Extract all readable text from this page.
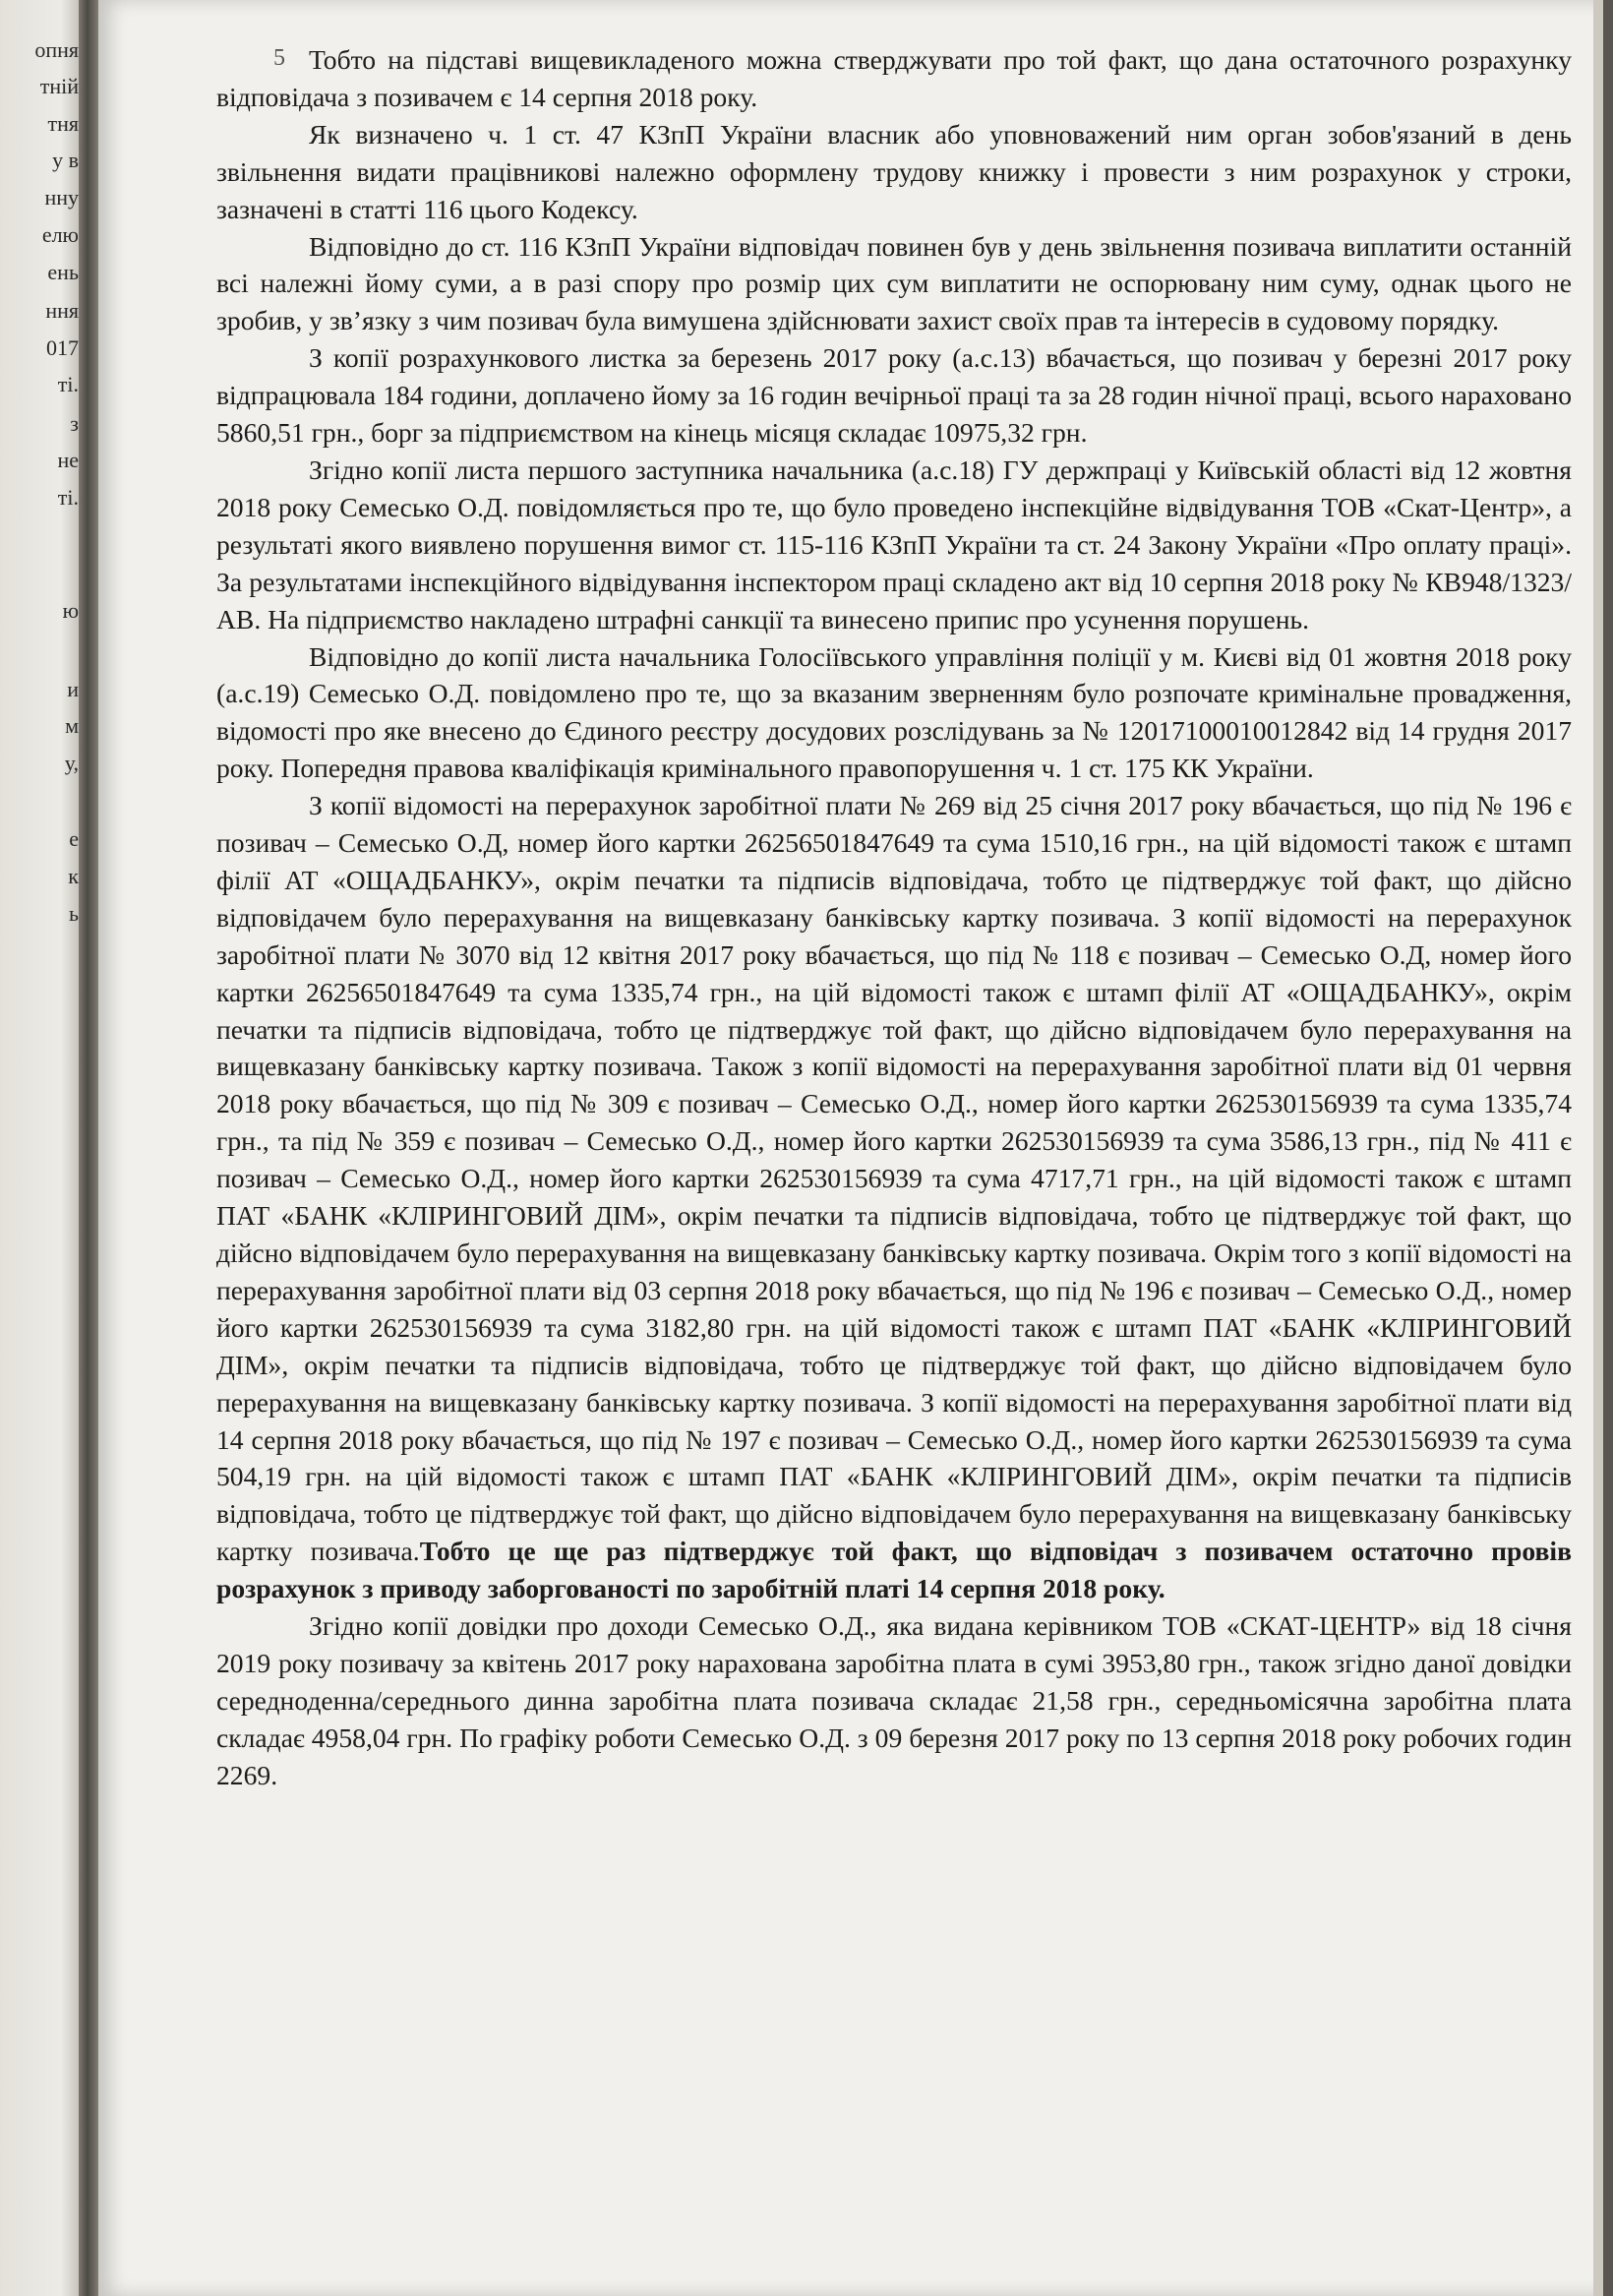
опня
тній
тня
у в
нну
елю
ень
ння
017
ті.
з
не
ті.
ю
и
м
у,
е
к
ь
5 Тобто на підставі вищевикладеного можна стверджувати про той факт, що дана остаточного розрахунку відповідача з позивачем є 14 серпня 2018 року.

Як визначено ч. 1 ст. 47 КЗпП України власник або уповноважений ним орган зобов'язаний в день звільнення видати працівникові належно оформлену трудову книжку і провести з ним розрахунок у строки, зазначені в статті 116 цього Кодексу.

Відповідно до ст. 116 КЗпП України відповідач повинен був у день звільнення позивача виплатити останній всі належні йому суми, а в разі спору про розмір цих сум виплатити не оспорювану ним суму, однак цього не зробив, у зв’язку з чим позивач була вимушена здійснювати захист своїх прав та інтересів в судовому порядку.

З копії розрахункового листка за березень 2017 року (а.с.13) вбачається, що позивач у березні 2017 року відпрацювала 184 години, доплачено йому за 16 годин вечірньої праці та за 28 годин нічної праці, всього нараховано 5860,51 грн., борг за підприємством на кінець місяця складає 10975,32 грн.

Згідно копії листа першого заступника начальника (а.с.18) ГУ держпраці у Київській області від 12 жовтня 2018 року Семесько О.Д. повідомляється про те, що було проведено інспекційне відвідування ТОВ «Скат-Центр», а результаті якого виявлено порушення вимог ст. 115-116 КЗпП України та ст. 24 Закону України «Про оплату праці». За результатами інспекційного відвідування інспектором праці складено акт від 10 серпня 2018 року № КВ948/1323/АВ. На підприємство накладено штрафні санкції та винесено припис про усунення порушень.

Відповідно до копії листа начальника Голосіївського управління поліції у м. Києві від 01 жовтня 2018 року (а.с.19) Семесько О.Д. повідомлено про те, що за вказаним зверненням було розпочате кримінальне провадження, відомості про яке внесено до Єдиного реєстру досудових розслідувань за № 12017100010012842 від 14 грудня 2017 року. Попередня правова кваліфікація кримінального правопорушення ч. 1 ст. 175 КК України.

З копії відомості на перерахунок заробітної плати № 269 від 25 січня 2017 року вбачається, що під № 196 є позивач – Семесько О.Д, номер його картки 26256501847649 та сума 1510,16 грн., на цій відомості також є штамп філії АТ «ОЩАДБАНКУ», окрім печатки та підписів відповідача, тобто це підтверджує той факт, що дійсно відповідачем було перерахування на вищевказану банківську картку позивача. З копії відомості на перерахунок заробітної плати № 3070 від 12 квітня 2017 року вбачається, що під № 118 є позивач – Семесько О.Д, номер його картки 26256501847649 та сума 1335,74 грн., на цій відомості також є штамп філії АТ «ОЩАДБАНКУ», окрім печатки та підписів відповідача, тобто це підтверджує той факт, що дійсно відповідачем було перерахування на вищевказану банківську картку позивача. Також з копії відомості на перерахування заробітної плати від 01 червня 2018 року вбачається, що під № 309 є позивач – Семесько О.Д., номер його картки 262530156939 та сума 1335,74 грн., та під № 359 є позивач – Семесько О.Д., номер його картки 262530156939 та сума 3586,13 грн., під № 411 є позивач – Семесько О.Д., номер його картки 262530156939 та сума 4717,71 грн., на цій відомості також є штамп ПАТ «БАНК «КЛІРИНГОВИЙ ДІМ», окрім печатки та підписів відповідача, тобто це підтверджує той факт, що дійсно відповідачем було перерахування на вищевказану банківську картку позивача. Окрім того з копії відомості на перерахування заробітної плати від 03 серпня 2018 року вбачається, що під № 196 є позивач – Семесько О.Д., номер його картки 262530156939 та сума 3182,80 грн. на цій відомості також є штамп ПАТ «БАНК «КЛІРИНГОВИЙ ДІМ», окрім печатки та підписів відповідача, тобто це підтверджує той факт, що дійсно відповідачем було перерахування на вищевказану банківську картку позивача. З копії відомості на перерахування заробітної плати від 14 серпня 2018 року вбачається, що під № 197 є позивач – Семесько О.Д., номер його картки 262530156939 та сума 504,19 грн. на цій відомості також є штамп ПАТ «БАНК «КЛІРИНГОВИЙ ДІМ», окрім печатки та підписів відповідача, тобто це підтверджує той факт, що дійсно відповідачем було перерахування на вищевказану банківську картку позивача.Тобто це ще раз підтверджує той факт, що відповідач з позивачем остаточно провів розрахунок з приводу заборгованості по заробітній платі 14 серпня 2018 року.

Згідно копії довідки про доходи Семесько О.Д., яка видана керівником ТОВ «СКАТ-ЦЕНТР» від 18 січня 2019 року позивачу за квітень 2017 року нарахована заробітна плата в сумі 3953,80 грн., також згідно даної довідки середноденна/середнього динна заробітна плата позивача складає 21,58 грн., середньомісячна заробітна плата складає 4958,04 грн. По графіку роботи Семесько О.Д. з 09 березня 2017 року по 13 серпня 2018 року робочих годин 2269.
